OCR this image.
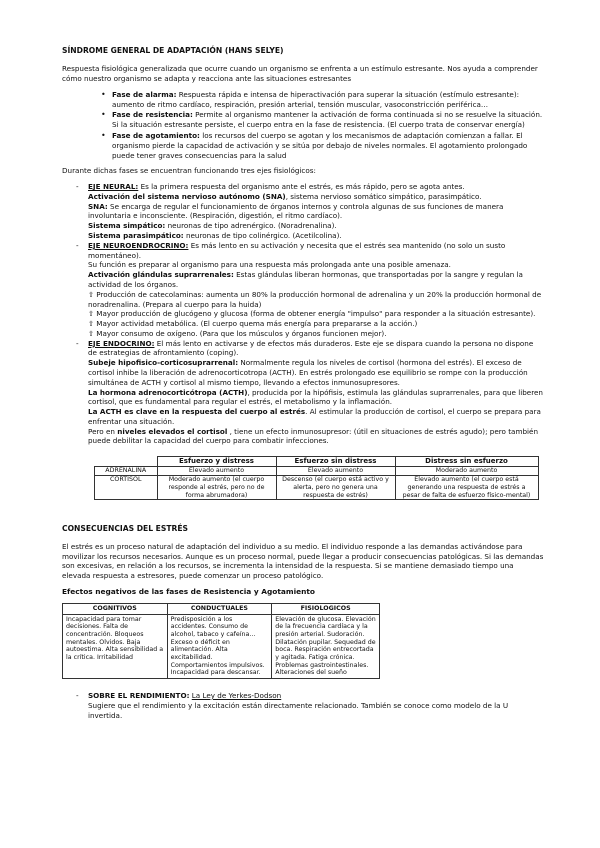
SÍNDROME GENERAL DE ADAPTACIÓN (HANS SELYE)

Respuesta fisiológica generalizada que ocurre cuando un organismo se enfrenta a un estímulo estresante. Nos ayuda a comprender cómo nuestro organismo se adapta y reacciona ante las situaciones estresantes

• Fase de alarma: Respuesta rápida e intensa de hiperactivación para superar la situación (estímulo estresante): aumento de ritmo cardíaco, respiración, presión arterial, tensión muscular, vasoconstricción periférica…
• Fase de resistencia: Permite al organismo mantener la activación de forma continuada si no se resuelve la situación. Si la situación estresante persiste, el cuerpo entra en la fase de resistencia. (El cuerpo trata de conservar energía)
• Fase de agotamiento: los recursos del cuerpo se agotan y los mecanismos de adaptación comienzan a fallar. El organismo pierde la capacidad de activación y se sitúa por debajo de niveles normales. El agotamiento prolongado puede tener graves consecuencias para la salud

Durante dichas fases se encuentran funcionando tres ejes fisiológicos:

- EJE NEURAL: Es la primera respuesta del organismo ante el estrés, es más rápido, pero se agota antes.
Activación del sistema nervioso autónomo (SNA), sistema nervioso somático simpático, parasimpático.
SNA: Se encarga de regular el funcionamiento de órganos internos y controla algunas de sus funciones de manera involuntaria e inconsciente. (Respiración, digestión, el ritmo cardíaco).
Sistema simpático: neuronas de tipo adrenérgico. (Noradrenalina).
Sistema parasimpático: neuronas de tipo colinérgico. (Acetilcolina).
- EJE NEUROENDROCRINO: Es más lento en su activación y necesita que el estrés sea mantenido (no solo un susto momentáneo).
Su función es preparar al organismo para una respuesta más prolongada ante una posible amenaza.
Activación glándulas suprarrenales: Estas glándulas liberan hormonas, que transportadas por la sangre y regulan la actividad de los órganos.
⇧ Producción de catecolaminas: aumenta un 80% la producción hormonal de adrenalina y un 20% la producción hormonal de noradrenalina. (Prepara al cuerpo para la huida)
⇧ Mayor producción de glucógeno y glucosa (forma de obtener energía "impulso" para responder a la situación estresante).
⇧ Mayor actividad metabólica. (El cuerpo quema más energía para prepararse a la acción.)
⇧ Mayor consumo de oxígeno. (Para que los músculos y órganos funcionen mejor).
- EJE ENDOCRINO: El más lento en activarse y de efectos más duraderos. Este eje se dispara cuando la persona no dispone de estrategias de afrontamiento (coping).
Subeje hipofisico-corticosuprarrenal: Normalmente regula los niveles de cortisol (hormona del estrés). El exceso de cortisol inhibe la liberación de adrenocorticotropa (ACTH). En estrés prolongado ese equilibrio se rompe con la producción simultánea de ACTH y cortisol al mismo tiempo, llevando a efectos inmunosupresores.
La hormona adrenocorticótropa (ACTH), producida por la hipófisis, estimula las glándulas suprarrenales, para que liberen cortisol, que es fundamental para regular el estrés, el metabolismo y la inflamación.
La ACTH es clave en la respuesta del cuerpo al estrés. Al estimular la producción de cortisol, el cuerpo se prepara para enfrentar una situación.
Pero en niveles elevados el cortisol , tiene un efecto inmunosupresor: (útil en situaciones de estrés agudo); pero también puede debilitar la capacidad del cuerpo para combatir infecciones.
	Esfuerzo y distress	Esfuerzo sin distress	Distress sin esfuerzo
ADRENALINA	Elevado aumento	Elevado aumento	Moderado aumento
CORTISOL	Moderado aumento (el cuerpo responde al estrés, pero no de forma abrumadora)	Descenso (el cuerpo está activo y alerta, pero no genera una respuesta de estrés)	Elevado aumento (el cuerpo está generando una respuesta de estrés a pesar de falta de esfuerzo físico-mental)
CONSECUENCIAS DEL ESTRÉS

El estrés es un proceso natural de adaptación del individuo a su medio. El individuo responde a las demandas activándose para movilizar los recursos necesarios. Aunque es un proceso normal, puede llegar a producir consecuencias patológicas. Si las demandas son excesivas, en relación a los recursos, se incrementa la intensidad de la respuesta. Si se mantiene demasiado tiempo una elevada respuesta a estresores, puede comenzar un proceso patológico.

Efectos negativos de las fases de Resistencia y Agotamiento
COGNITIVOS	CONDUCTUALES	FISIOLOGICOS
Incapacidad para tomar decisiones. Falta de concentración. Bloqueos mentales. Olvidos. Baja autoestima. Alta sensibilidad a la crítica. Irritabilidad	Predisposición a los accidentes. Consumo de alcohol, tabaco y cafeína… Exceso o déficit en alimentación. Alta excitabilidad. Comportamientos impulsivos. Incapacidad para descansar.	Elevación de glucosa. Elevación de la frecuencia cardíaca y la presión arterial. Sudoración. Dilatación pupilar. Sequedad de boca. Respiración entrecortada y agitada. Fatiga crónica. Problemas gastrointestinales. Alteraciones del sueño
- SOBRE EL RENDIMIENTO: La Ley de Yerkes-Dodson
Sugiere que el rendimiento y la excitación están directamente relacionado. También se conoce como modelo de la U invertida.
